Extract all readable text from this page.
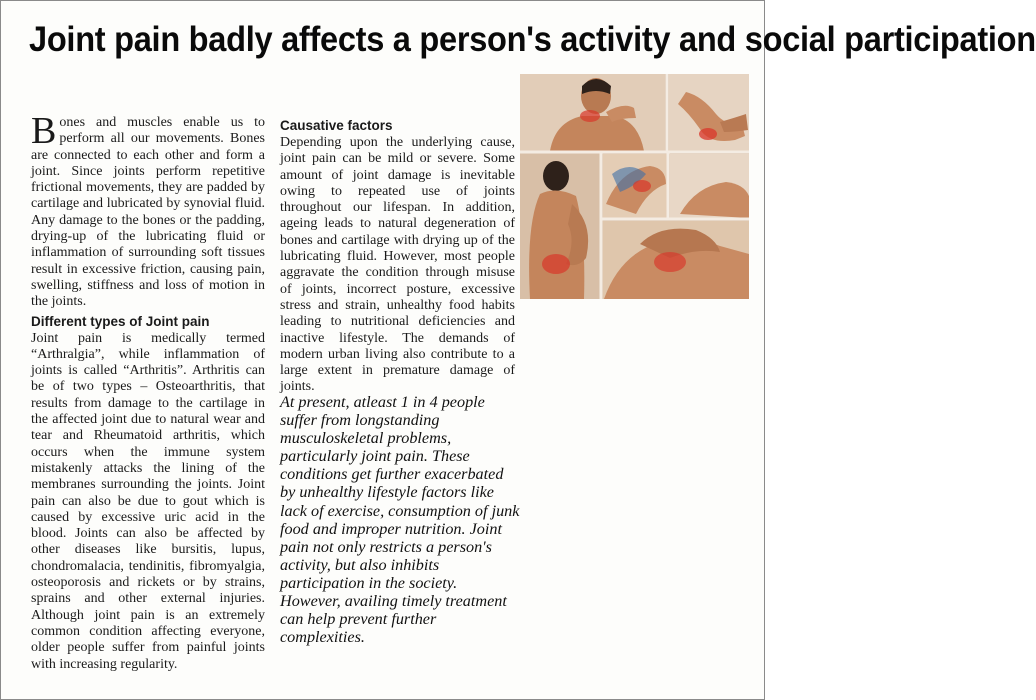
Joint pain badly affects a person's activity and social participation

Bones and muscles enable us to perform all our movements. Bones are connected to each other and form a joint. Since joints perform repetitive frictional movements, they are padded by cartilage and lubricated by synovial fluid. Any damage to the bones or the padding, drying-up of the lubricating fluid or inflammation of surrounding soft tissues result in excessive friction, causing pain, swelling, stiffness and loss of motion in the joints.

Different types of Joint pain

Joint pain is medically termed “Arthralgia”, while inflammation of joints is called “Arthritis”. Arthritis can be of two types – Osteoarthritis, that results from damage to the cartilage in the affected joint due to natural wear and tear and Rheumatoid arthritis, which occurs when the immune system mistakenly attacks the lining of the membranes surrounding the joints. Joint pain can also be due to gout which is caused by excessive uric acid in the blood. Joints can also be affected by other diseases like bursitis, lupus, chondromalacia, tendinitis, fibromyalgia, osteoporosis and rickets or by strains, sprains and other external injuries. Although joint pain is an extremely common condition affecting everyone, older people suffer from painful joints with increasing regularity.

Causative factors

Depending upon the underlying cause, joint pain can be mild or severe. Some amount of joint damage is inevitable owing to repeated use of joints throughout our lifespan. In addition, ageing leads to natural degeneration of bones and cartilage with drying up of the lubricating fluid. However, most people aggravate the condition through misuse of joints, incorrect posture, excessive stress and strain, unhealthy food habits leading to nutritional deficiencies and inactive lifestyle. The demands of modern urban living also contribute to a large extent in premature damage of joints.

At present, atleast 1 in 4 people suffer from longstanding musculoskeletal problems, particularly joint pain. These conditions get further exacerbated by unhealthy lifestyle factors like lack of exercise, consumption of junk food and improper nutrition. Joint pain not only restricts a person's activity, but also inhibits participation in the society. However, availing timely treatment can help prevent further complexities.
